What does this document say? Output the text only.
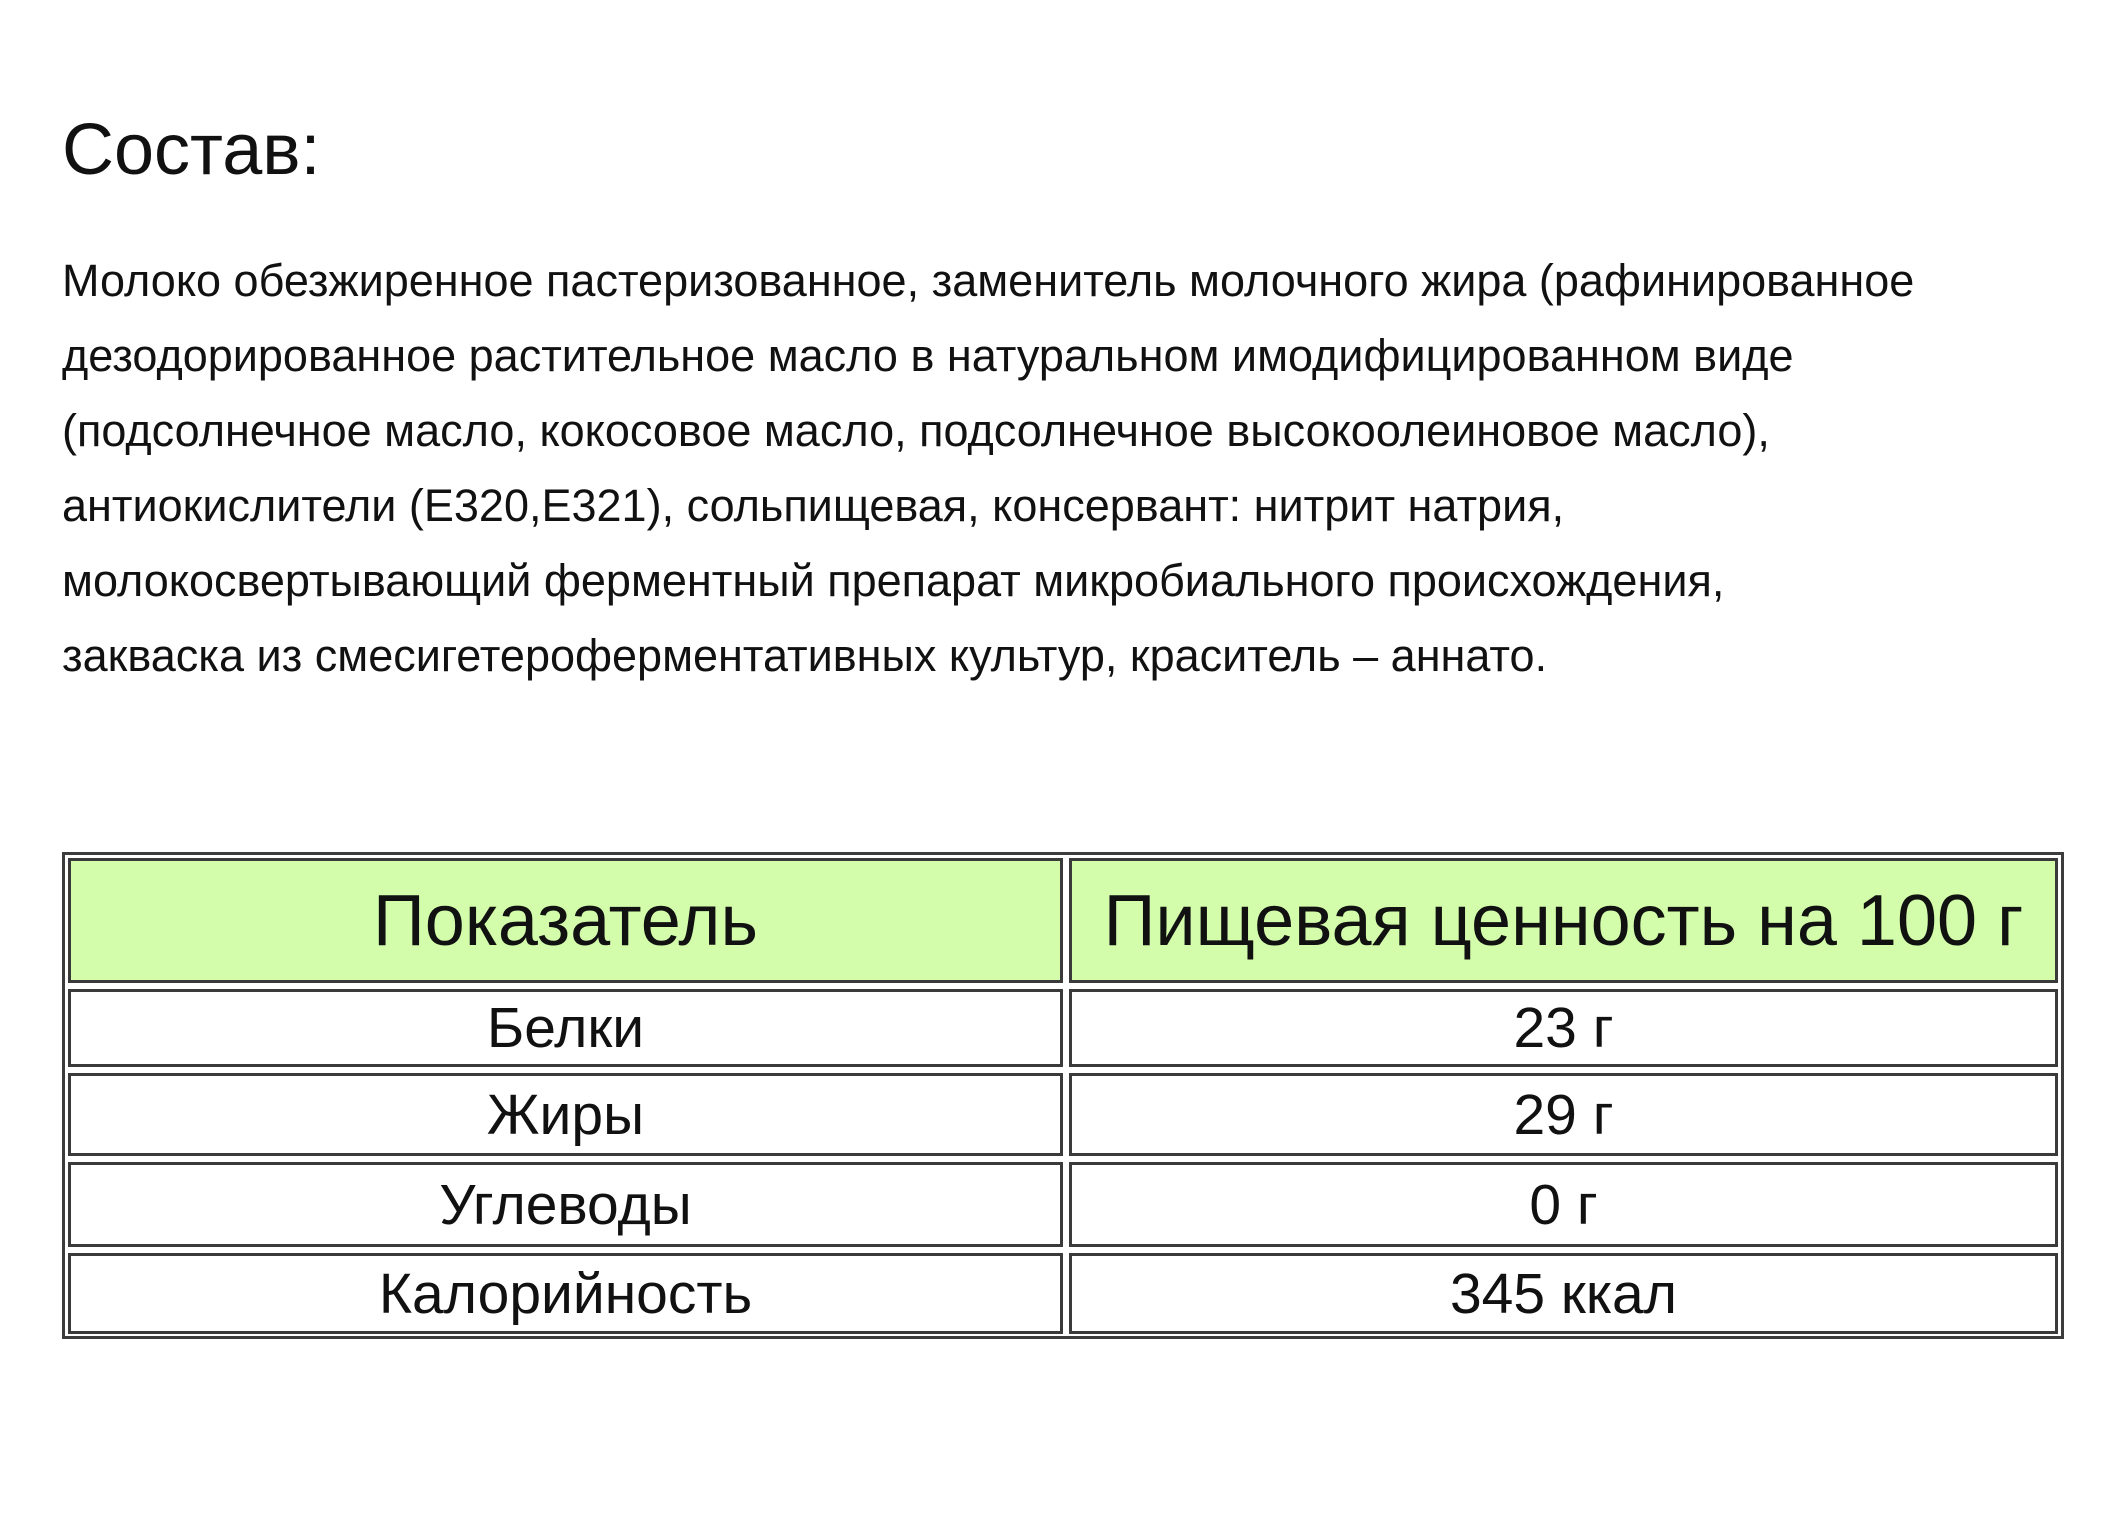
Состав:

Молоко обезжиренное пастеризованное, заменитель молочного жира (рафинированное
дезодорированное растительное масло в натуральном имодифицированном виде
(подсолнечное масло, кокосовое масло, подсолнечное высокоолеиновое масло),
антиокислители (Е320,Е321), сольпищевая, консервант: нитрит натрия,
молокосвертывающий ферментный препарат микробиального происхождения,
закваска из смесигетероферментативных культур, краситель – аннато.

Показатель	Пищевая ценность на 100 г
Белки	23 г
Жиры	29 г
Углеводы	0 г
Калорийность	345 ккал
